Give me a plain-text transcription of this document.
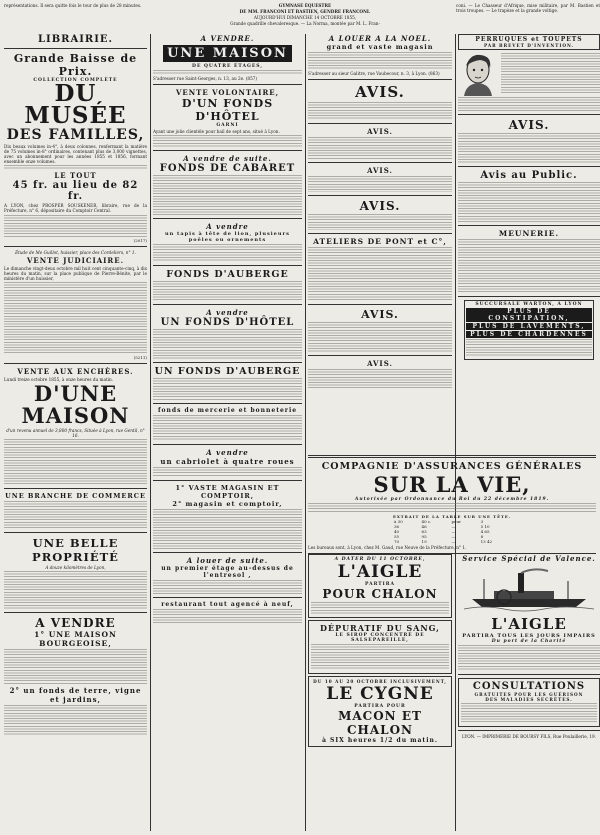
représentations. Il sera quitte fois le tour de plus de 28 minutes.	GYMNASE ÉQUESTRE
DE MM. FRANCONI ET BASTIEN, GENDRE FRANCONI.
AUJOURD'HUI DIMANCHE 14 OCTOBRE 1855,
Grande quadrille chevaleresque. — La Norma, montée par M. L. Fran-
coni. — Le Chasseur d'Afrique, mise militaire, par M. Bastien et trois troupes. — Le trapèze et la grande voltige.
LIBRAIRIE.
Grande Baisse de Prix.
COLLECTION COMPLÈTE
DU MUSÉE
DES FAMILLES,
Dix beaux volumes in-4°, à deux colonnes, renfermant la matière de 75 volumes in-8° ordinaires, contenant plus de 3,000 vignettes, avec un abonnement pour les années 1855 et 1856, formant ensemble onze volumes.
LE TOUT
45 fr. au lieu de 82 fr.
A LYON, chez PROSPER SOUSKENER, libraire, rue de la Préfecture, n° 6, dépositaire du Comptoir Central.
(2017)
Étude de Me Guillot, huissier, place des Cordeliers, n° 1.
VENTE JUDICIAIRE.
Le dimanche vingt-deux octobre mil huit cent cinquante-cinq, à dix heures du matin, sur la place publique de Pierre-Bénite, par le ministère d'un huissier,
(5211)
VENTE AUX ENCHÈRES.
Lundi treize octobre 1855, à onze heures du matin.
D'UNE MAISON
d'un revenu annuel de 3,800 francs, Située à Lyon, rue Gentil, n° 16.
UNE BRANCHE DE COMMERCE
UNE BELLE PROPRIÉTÉ
A douze kilomètres de Lyon,
A VENDRE
1° UNE MAISON BOURGEOISE,
2° un fonds de terre, vigne et jardins,
A VENDRE.
UNE MAISON
DE QUATRE ÉTAGES,
S'adresser rue Saint-Georges, n. 13, au 2e. (857)
VENTE VOLONTAIRE,
D'UN FONDS D'HÔTEL
GARNI
Ayant une jolie clientèle pour bail de sept ans, situé à Lyon.
A vendre de suite.
FONDS DE CABARET
A vendre
un tapis à tête de lion, plusieurs poêles ou ornements
FONDS D'AUBERGE
A vendre
UN FONDS D'HÔTEL
UN FONDS D'AUBERGE
fonds de mercerie et bonneterie
A vendre
un cabriolet à quatre roues
1° VASTE MAGASIN ET COMPTOIR,
2° magasin et comptoir,
A louer de suite.
un premier étage au-dessus de l'entresol ,
restaurant tout agencé à neuf,
A LOUER A LA NOEL.
grand et vaste magasin
S'adresser au sieur Galitre, rue Vaubecour, n. 3, à Lyon. (863)
AVIS.
AVIS.
AVIS.
AVIS.
ATELIERS DE PONT et C°,
AVIS.
AVIS.
PERRUQUES et TOUPETS
PAR BREVET D'INVENTION.
AVIS.
Avis au Public.
MEUNERIE.
SUCCURSALE WARTON, A LYON
PLUS DE CONSTIPATION,
PLUS DE LAVEMENTS,
PLUS DE CHARDENNES
COMPAGNIE D'ASSURANCES GÉNÉRALES
SUR LA VIE,
Autorisée par Ordonnance du Roi du 22 décembre 1819.
EXTRAIT DE LA TABLE SUR UNE TÊTE.
à 30	40 c.	pour	3
36	46	—	5 10
40	63	—	4 65
55	95	—	8
70	19	—	13 42
Les bureaux sont, à Lyon, chez M. Gaud, rue Neuve de la Préfecture, n° 1.
A DATER DU 11 OCTOBRE,
L'AIGLE
PARTIRA
POUR CHALON
DÉPURATIF DU SANG,
LE SIROP CONCENTRÉ DE SALSEPAREILLE,
DU 10 AU 20 OCTOBRE INCLUSIVEMENT,
LE CYGNE
PARTIRA POUR
MACON ET CHALON
à SIX heures 1/2 du matin.
Service Spécial de Valence.
L'AIGLE
PARTIRA TOUS LES JOURS IMPAIRS
Du port de la Charité
CONSULTATIONS
GRATUITES POUR LES GUÉRISON
DES MALADIES SECRÈTES.
LYON. — IMPRIMERIE DE BOURSY FILS, Rue Poulaillerie, 19.
